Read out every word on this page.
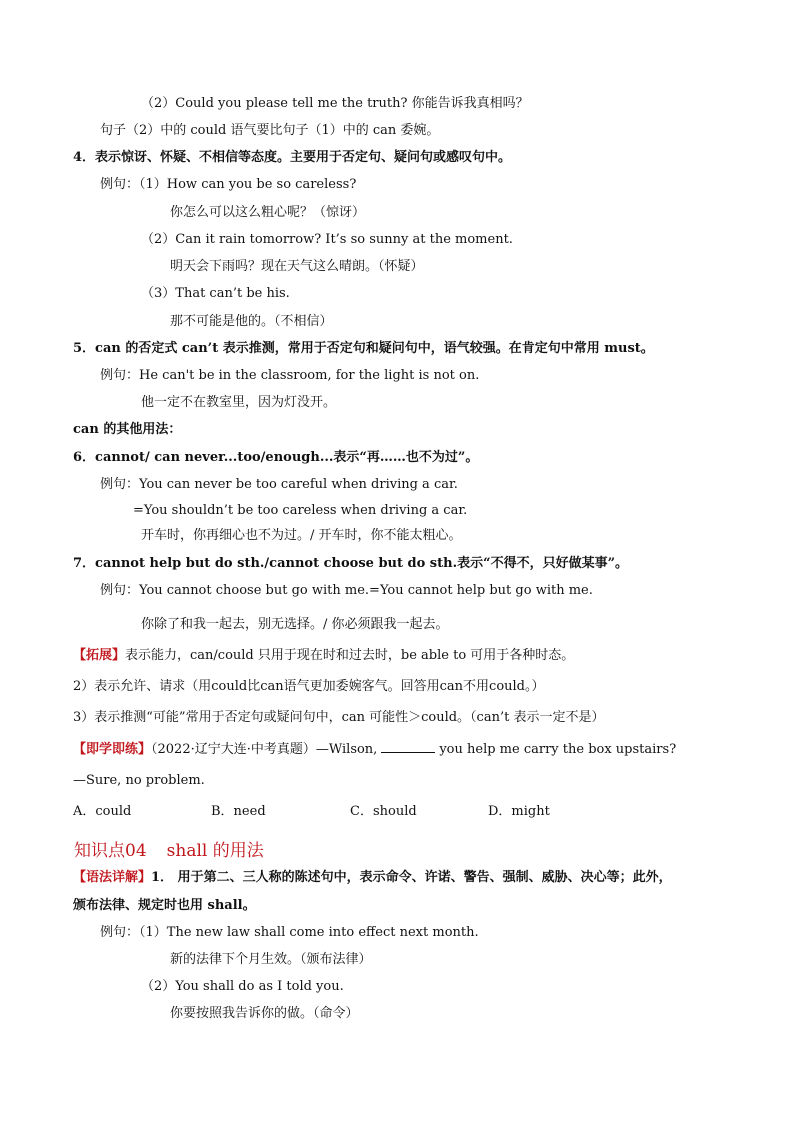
（2）Could you please tell me the truth? 你能告诉我真相吗？
句子（2）中的 could 语气要比句子（1）中的 can 委婉。
4．表示惊讶、怀疑、不相信等态度。主要用于否定句、疑问句或感叹句中。
例句：（1）How can you be so careless?
你怎么可以这么粗心呢？（惊讶）
（2）Can it rain tomorrow? It’s so sunny at the moment.
明天会下雨吗？现在天气这么晴朗。（怀疑）
（3）That can’t be his.
那不可能是他的。（不相信）
5．can 的否定式 can’t 表示推测，常用于否定句和疑问句中，语气较强。在肯定句中常用 must。
例句：He can't be in the classroom, for the light is not on.
他一定不在教室里，因为灯没开。
can 的其他用法：
6．cannot/ can never...too/enough...表示“再……也不为过”。
例句：You can never be too careful when driving a car.
=You shouldn’t be too careless when driving a car.
开车时，你再细心也不为过。/ 开车时，你不能太粗心。
7．cannot help but do sth./cannot choose but do sth.表示“不得不，只好做某事”。
例句：You cannot choose but go with me.=You cannot help but go with me.
你除了和我一起去，别无选择。/ 你必须跟我一起去。
【拓展】表示能力，can/could 只用于现在时和过去时，be able to 可用于各种时态。
2）表示允许、请求（用could比can语气更加委婉客气。回答用can不用could。）
3）表示推测“可能”常用于否定句或疑问句中，can 可能性＞could。（can’t 表示一定不是）
【即学即练】（2022·辽宁大连·中考真题）—Wilson,	you help me carry the box upstairs?
—Sure, no problem.
A．could	B．need	C．should	D．might
知识点04 shall 的用法
【语法详解】1． 用于第二、三人称的陈述句中，表示命令、许诺、警告、强制、威胁、决心等；此外，
颁布法律、规定时也用 shall。
例句：（1）The new law shall come into effect next month.
新的法律下个月生效。（颁布法律）
（2）You shall do as I told you.
你要按照我告诉你的做。（命令）
